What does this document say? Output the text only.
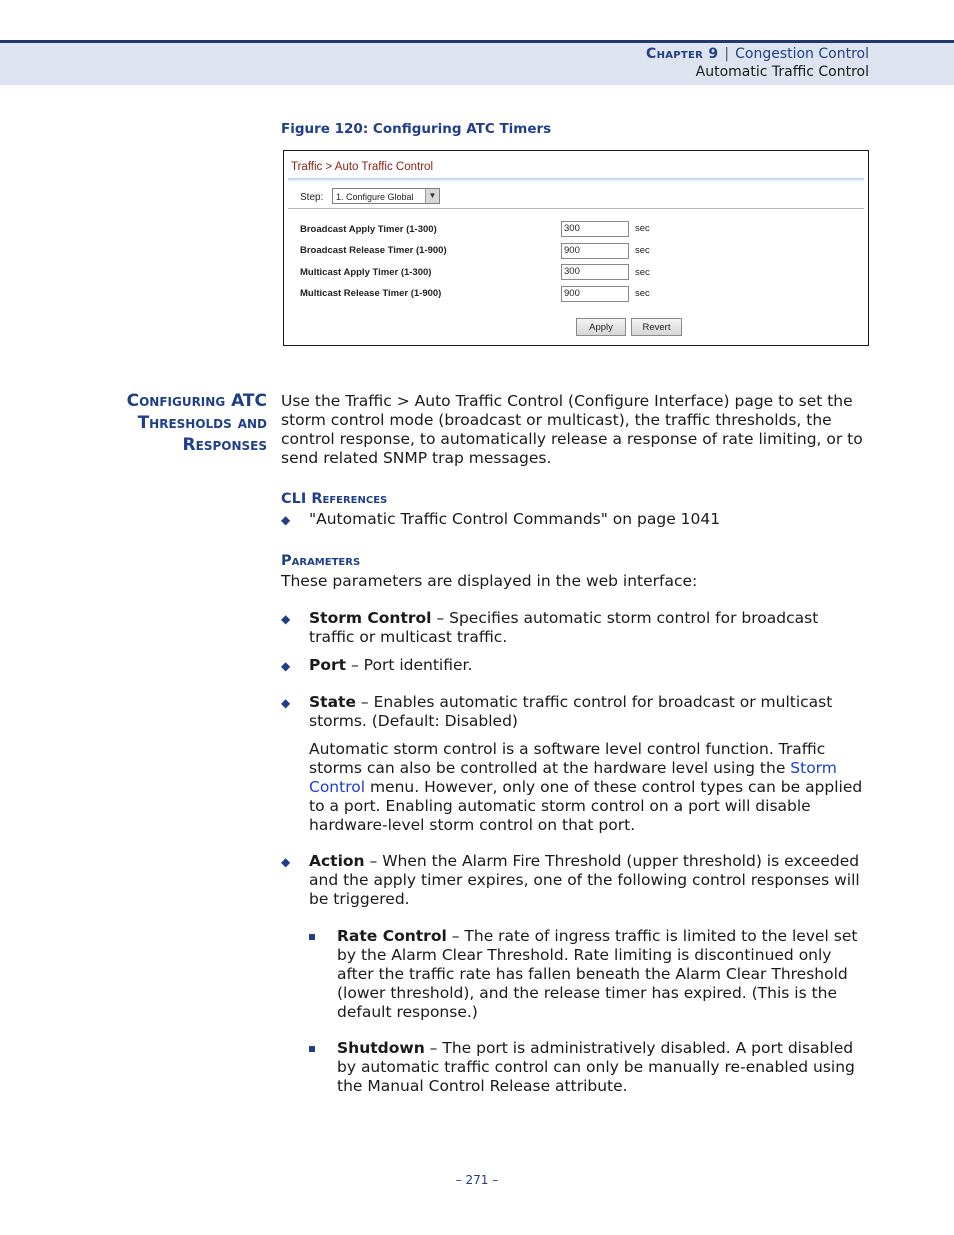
Chapter 9 | Congestion Control
Automatic Traffic Control
Figure 120: Configuring ATC Timers
Traffic > Auto Traffic Control
Step:	1. Configure Global	▼
Broadcast Apply Timer (1-300)	300	sec
Broadcast Release Timer (1-900)	900	sec
Multicast Apply Timer (1-300)	300	sec
Multicast Release Timer (1-900)	900	sec
Apply	Revert
Configuring ATC
Thresholds and
Responses
Use the Traffic > Auto Traffic Control (Configure Interface) page to set the
storm control mode (broadcast or multicast), the traffic thresholds, the
control response, to automatically release a response of rate limiting, or to
send related SNMP trap messages.
CLI References
◆ "Automatic Traffic Control Commands" on page 1041
Parameters
These parameters are displayed in the web interface:
◆ Storm Control – Specifies automatic storm control for broadcast
traffic or multicast traffic.
◆ Port – Port identifier.
◆ State – Enables automatic traffic control for broadcast or multicast
storms. (Default: Disabled)
Automatic storm control is a software level control function. Traffic
storms can also be controlled at the hardware level using the Storm
Control menu. However, only one of these control types can be applied
to a port. Enabling automatic storm control on a port will disable
hardware-level storm control on that port.
◆ Action – When the Alarm Fire Threshold (upper threshold) is exceeded
and the apply timer expires, one of the following control responses will
be triggered.
Rate Control – The rate of ingress traffic is limited to the level set
by the Alarm Clear Threshold. Rate limiting is discontinued only
after the traffic rate has fallen beneath the Alarm Clear Threshold
(lower threshold), and the release timer has expired. (This is the
default response.)
Shutdown – The port is administratively disabled. A port disabled
by automatic traffic control can only be manually re-enabled using
the Manual Control Release attribute.
– 271 –
